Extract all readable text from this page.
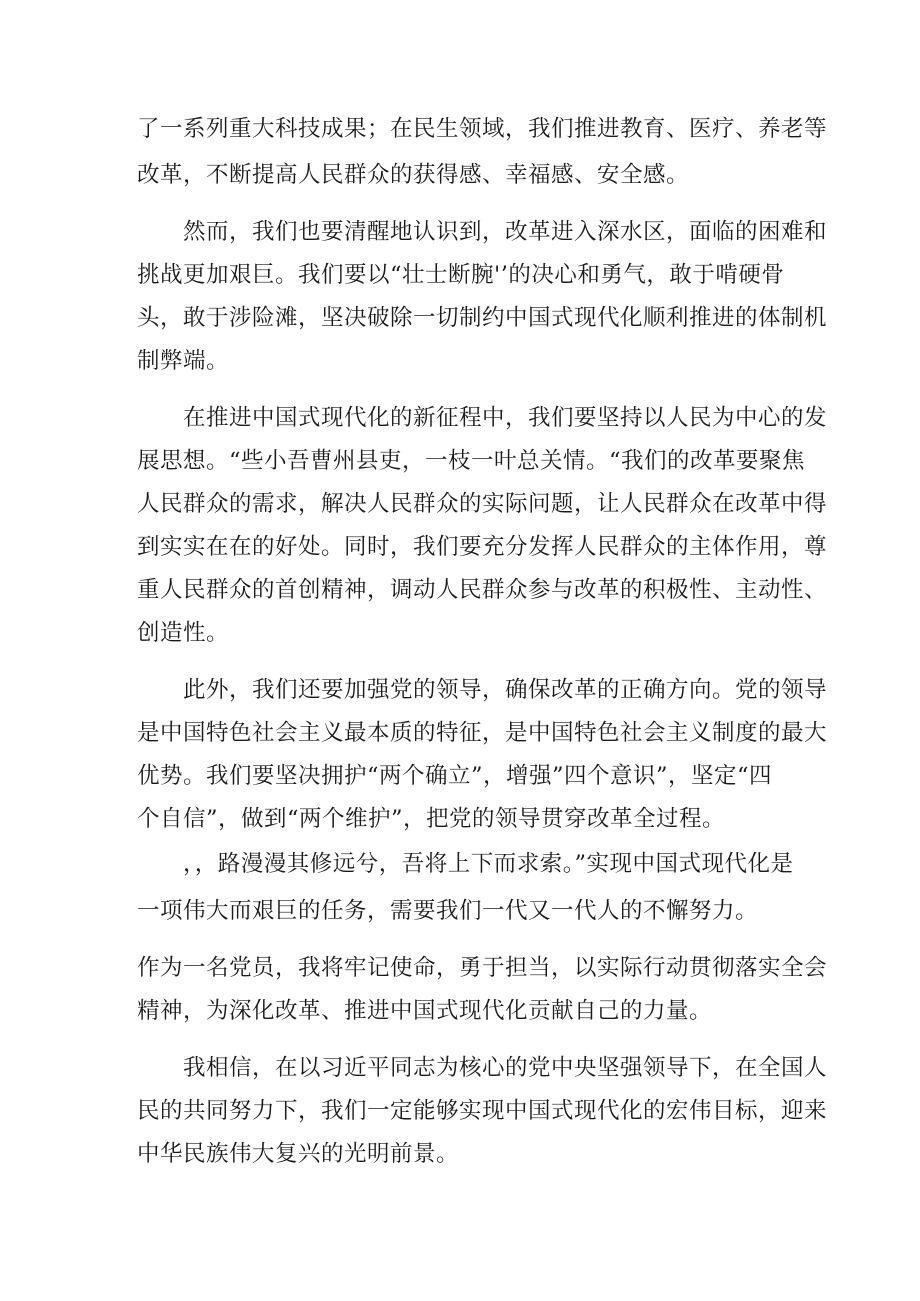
了一系列重大科技成果；在民生领域，我们推进教育、医疗、养老等
改革，不断提高人民群众的获得感、幸福感、安全感。
然而，我们也要清醒地认识到，改革进入深水区，面临的困难和
挑战更加艰巨。我们要以“壮士断腕'’的决心和勇气，敢于啃硬骨
头，敢于涉险滩，坚决破除一切制约中国式现代化顺利推进的体制机
制弊端。
在推进中国式现代化的新征程中，我们要坚持以人民为中心的发
展思想。“些小吾曹州县吏，一枝一叶总关情。“我们的改革要聚焦
人民群众的需求，解决人民群众的实际问题，让人民群众在改革中得
到实实在在的好处。同时，我们要充分发挥人民群众的主体作用，尊
重人民群众的首创精神，调动人民群众参与改革的积极性、主动性、
创造性。
此外，我们还要加强党的领导，确保改革的正确方向。党的领导
是中国特色社会主义最本质的特征，是中国特色社会主义制度的最大
优势。我们要坚决拥护“两个确立”，增强”四个意识”，坚定“四
个自信”，做到“两个维护”，把党的领导贯穿改革全过程。
，，路漫漫其修远兮，吾将上下而求索。”实现中国式现代化是
一项伟大而艰巨的任务，需要我们一代又一代人的不懈努力。
作为一名党员，我将牢记使命，勇于担当，以实际行动贯彻落实全会
精神，为深化改革、推进中国式现代化贡献自己的力量。
我相信，在以习近平同志为核心的党中央坚强领导下，在全国人
民的共同努力下，我们一定能够实现中国式现代化的宏伟目标，迎来
中华民族伟大复兴的光明前景。
